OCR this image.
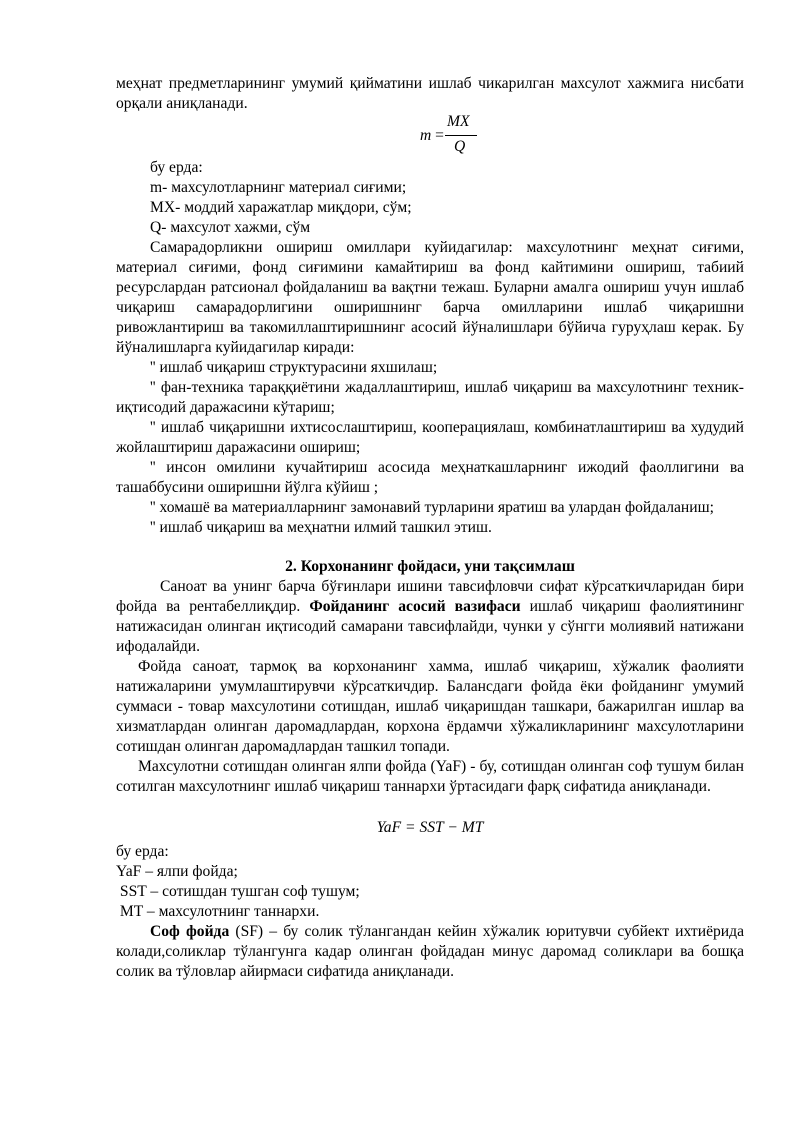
меҳнат предметларининг умумий қийматини ишлаб чикарилган махсулот хажмига нисбати орқали аниқланади.

m =
MX
Q

бу ерда:

m- махсулотларнинг материал сиғими;

МХ- моддий харажатлар миқдори, сўм;

Q- махсулот хажми, сўм

Самарадорликни ошириш омиллари куйидагилар: махсулотнинг меҳнат сиғими, материал сиғими, фонд сиғимини камайтириш ва фонд кайтимини ошириш, табиий ресурслардан ратсионал фойдаланиш ва вақтни тежаш. Буларни амалга ошириш учун ишлаб чиқариш самарадорлигини оширишнинг барча омилларини ишлаб чиқаришни ривожлантириш ва такомиллаштиришнинг асосий йўналишлари бўйича гуруҳлаш керак. Бу йўналишларга куйидагилар киради:

'' ишлаб чиқариш структурасини яхшилаш;

'' фан-техника тараққиётини жадаллаштириш, ишлаб чиқариш ва махсулотнинг техник-иқтисодий даражасини кўтариш;

'' ишлаб чиқаришни ихтисослаштириш, кооперациялаш, комбинатлаштириш ва худудий жойлаштириш даражасини ошириш;

'' инсон омилини кучайтириш асосида меҳнаткашларнинг ижодий фаоллигини ва ташаббусини оширишни йўлга кўйиш ;

'' хомашё ва материалларнинг замонавий турларини яратиш ва улардан фойдаланиш;

'' ишлаб чиқариш ва меҳнатни илмий ташкил этиш.

2. Корхонанинг фойдаси, уни тақсимлаш

Саноат ва унинг барча бўғинлари ишини тавсифловчи сифат кўрсаткичларидан бири фойда ва рентабеллиқдир. Фойданинг асосий вазифаси ишлаб чиқариш фаолиятининг натижасидан олинган иқтисодий самарани тавсифлайди, чунки у сўнгги молиявий натижани ифодалайди.

Фойда саноат, тармоқ ва корхонанинг хамма, ишлаб чиқариш, хўжалик фаолияти натижаларини умумлаштирувчи кўрсаткичдир. Балансдаги фойда ёки фойданинг умумий суммаси - товар махсулотини сотишдан, ишлаб чиқаришдан ташкари, бажарилган ишлар ва хизматлардан олинган даромадлардан, корхона ёрдамчи хўжаликларининг махсулотларини сотишдан олинган даромадлардан ташкил топади.

Махсулотни сотишдан олинган ялпи фойда (YaF) - бу, сотишдан олинган соф тушум билан сотилган махсулотнинг ишлаб чиқариш таннархи ўртасидаги фарқ сифатида аниқланади.

YaF = SST − MT

бу ерда:

YaF – ялпи фойда;

SST – сотишдан тушган соф тушум;

MT – махсулотнинг таннархи.

Соф фойда (SF) – бу солик тўлангандан кейин хўжалик юритувчи субйект ихтиёрида колади,соликлар тўлангунга кадар олинган фойдадан минус даромад соликлари ва бошқа солик ва тўловлар айирмаси сифатида аниқланади.
